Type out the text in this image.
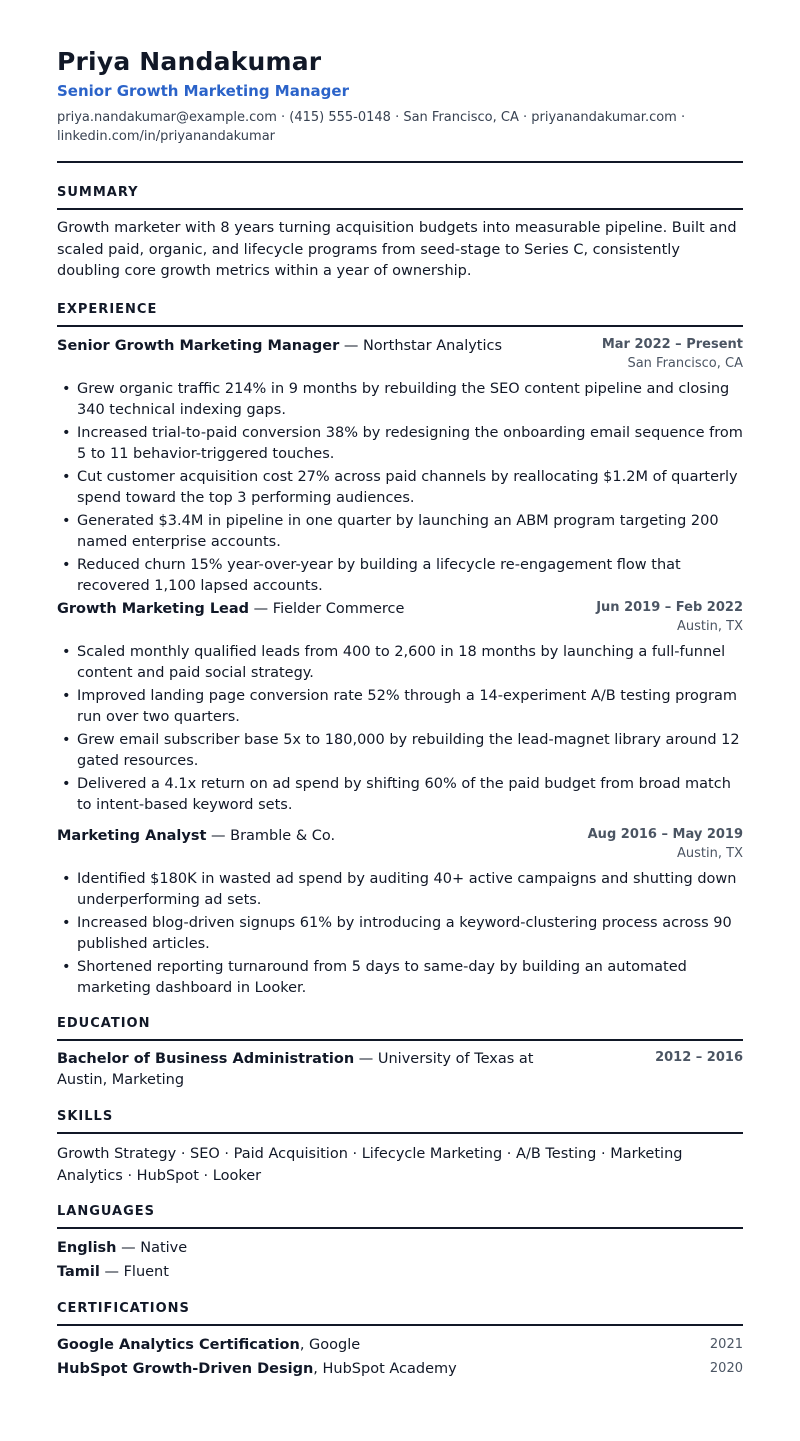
Priya Nandakumar
Senior Growth Marketing Manager
priya.nandakumar@example.com · (415) 555-0148 · San Francisco, CA · priyanandakumar.com ·
linkedin.com/in/priyanandakumar
SUMMARY
Growth marketer with 8 years turning acquisition budgets into measurable pipeline. Built and scaled paid, organic, and lifecycle programs from seed-stage to Series C, consistently doubling core growth metrics within a year of ownership.
EXPERIENCE
Senior Growth Marketing Manager — Northstar Analytics	Mar 2022 – Present
San Francisco, CA
• Grew organic traffic 214% in 9 months by rebuilding the SEO content pipeline and closing 340 technical indexing gaps.
• Increased trial-to-paid conversion 38% by redesigning the onboarding email sequence from 5 to 11 behavior-triggered touches.
• Cut customer acquisition cost 27% across paid channels by reallocating $1.2M of quarterly spend toward the top 3 performing audiences.
• Generated $3.4M in pipeline in one quarter by launching an ABM program targeting 200 named enterprise accounts.
• Reduced churn 15% year-over-year by building a lifecycle re-engagement flow that recovered 1,100 lapsed accounts.
Growth Marketing Lead — Fielder Commerce	Jun 2019 – Feb 2022
Austin, TX
• Scaled monthly qualified leads from 400 to 2,600 in 18 months by launching a full-funnel content and paid social strategy.
• Improved landing page conversion rate 52% through a 14-experiment A/B testing program run over two quarters.
• Grew email subscriber base 5x to 180,000 by rebuilding the lead-magnet library around 12 gated resources.
• Delivered a 4.1x return on ad spend by shifting 60% of the paid budget from broad match to intent-based keyword sets.
Marketing Analyst — Bramble & Co.	Aug 2016 – May 2019
Austin, TX
• Identified $180K in wasted ad spend by auditing 40+ active campaigns and shutting down underperforming ad sets.
• Increased blog-driven signups 61% by introducing a keyword-clustering process across 90 published articles.
• Shortened reporting turnaround from 5 days to same-day by building an automated marketing dashboard in Looker.
EDUCATION
Bachelor of Business Administration — University of Texas at
Austin, Marketing
2012 – 2016
SKILLS
Growth Strategy · SEO · Paid Acquisition · Lifecycle Marketing · A/B Testing · Marketing Analytics · HubSpot · Looker
LANGUAGES
English — Native
Tamil — Fluent
CERTIFICATIONS
Google Analytics Certification, Google	2021
HubSpot Growth-Driven Design, HubSpot Academy	2020
